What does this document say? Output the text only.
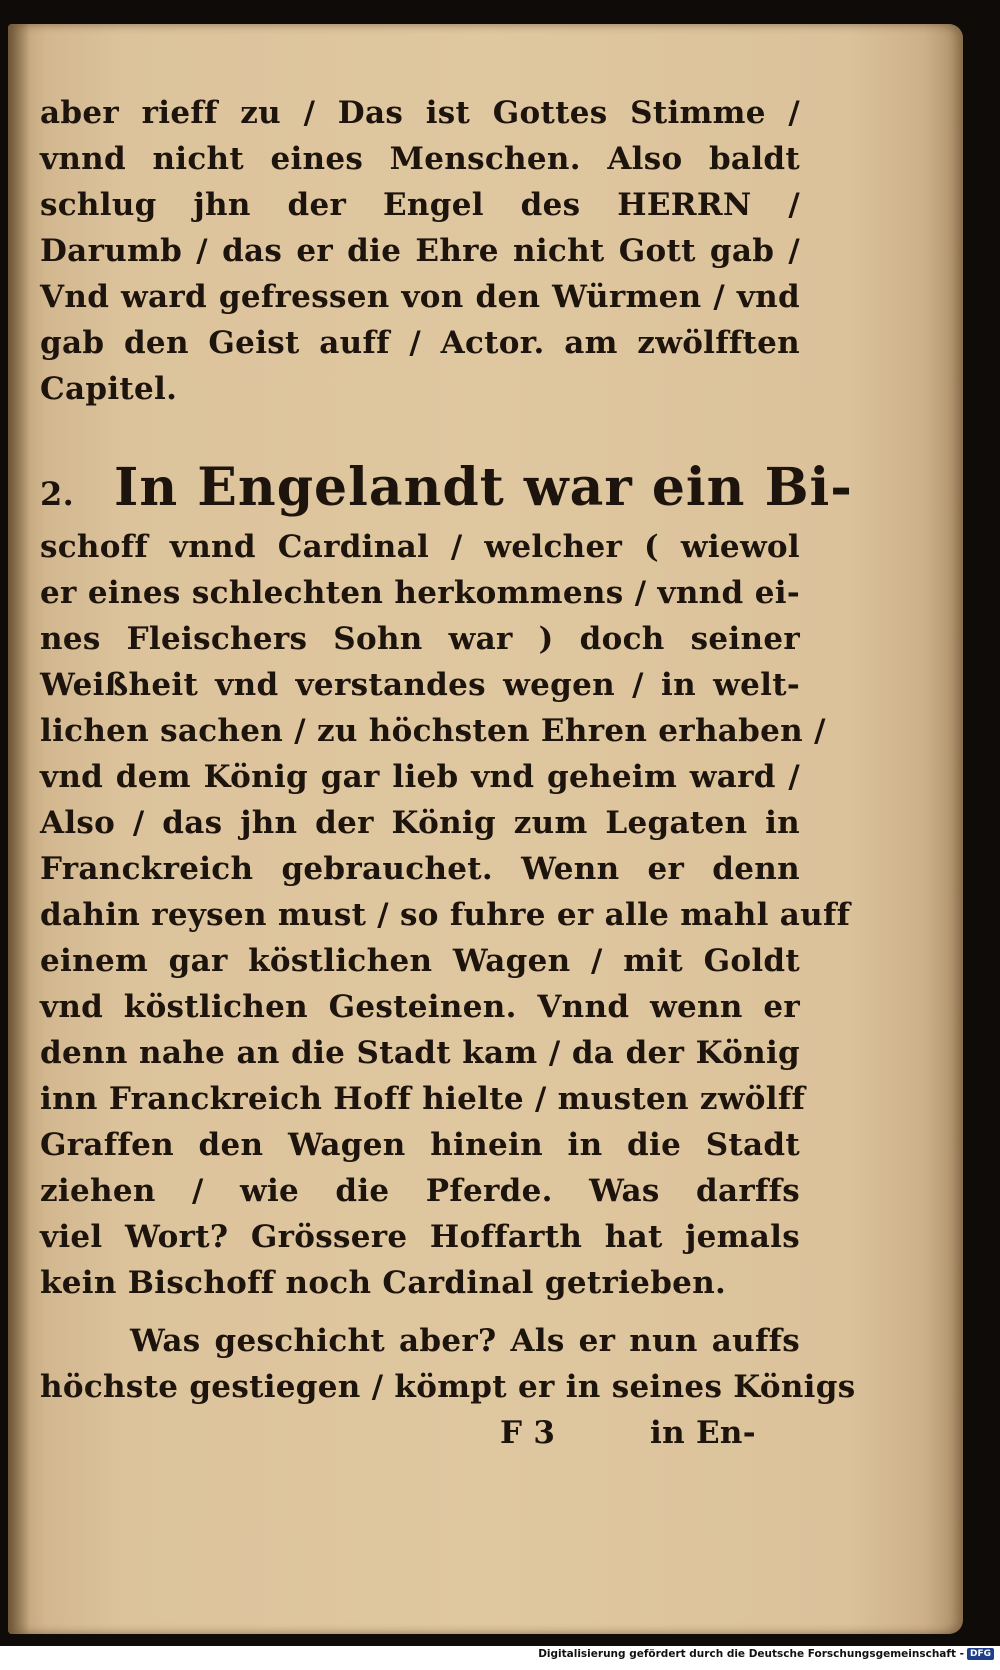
aber rieff zu / Das ist Gottes Stimme /
vnnd nicht eines Menschen. Also baldt
schlug jhn der Engel des HERRN /
Darumb / das er die Ehre nicht Gott gab /
Vnd ward gefressen von den Würmen / vnd
gab den Geist auff / Actor. am zwölfften
Capitel.
2. In Engelandt war ein Bi-
schoff vnnd Cardinal / welcher ( wiewol
er eines schlechten herkommens / vnnd ei-
nes Fleischers Sohn war ) doch seiner
Weißheit vnd verstandes wegen / in welt-
lichen sachen / zu höchsten Ehren erhaben /
vnd dem König gar lieb vnd geheim ward /
Also / das jhn der König zum Legaten in
Franckreich gebrauchet. Wenn er denn
dahin reysen must / so fuhre er alle mahl auff
einem gar köstlichen Wagen / mit Goldt
vnd köstlichen Gesteinen. Vnnd wenn er
denn nahe an die Stadt kam / da der König
inn Franckreich Hoff hielte / musten zwölff
Graffen den Wagen hinein in die Stadt
ziehen / wie die Pferde. Was darffs
viel Wort? Grössere Hoffarth hat jemals
kein Bischoff noch Cardinal getrieben.
Was geschicht aber? Als er nun auffs
höchste gestiegen / kömpt er in seines Königs
F 3	in En-
Digitalisierung gefördert durch die Deutsche Forschungsgemeinschaft - DFG
